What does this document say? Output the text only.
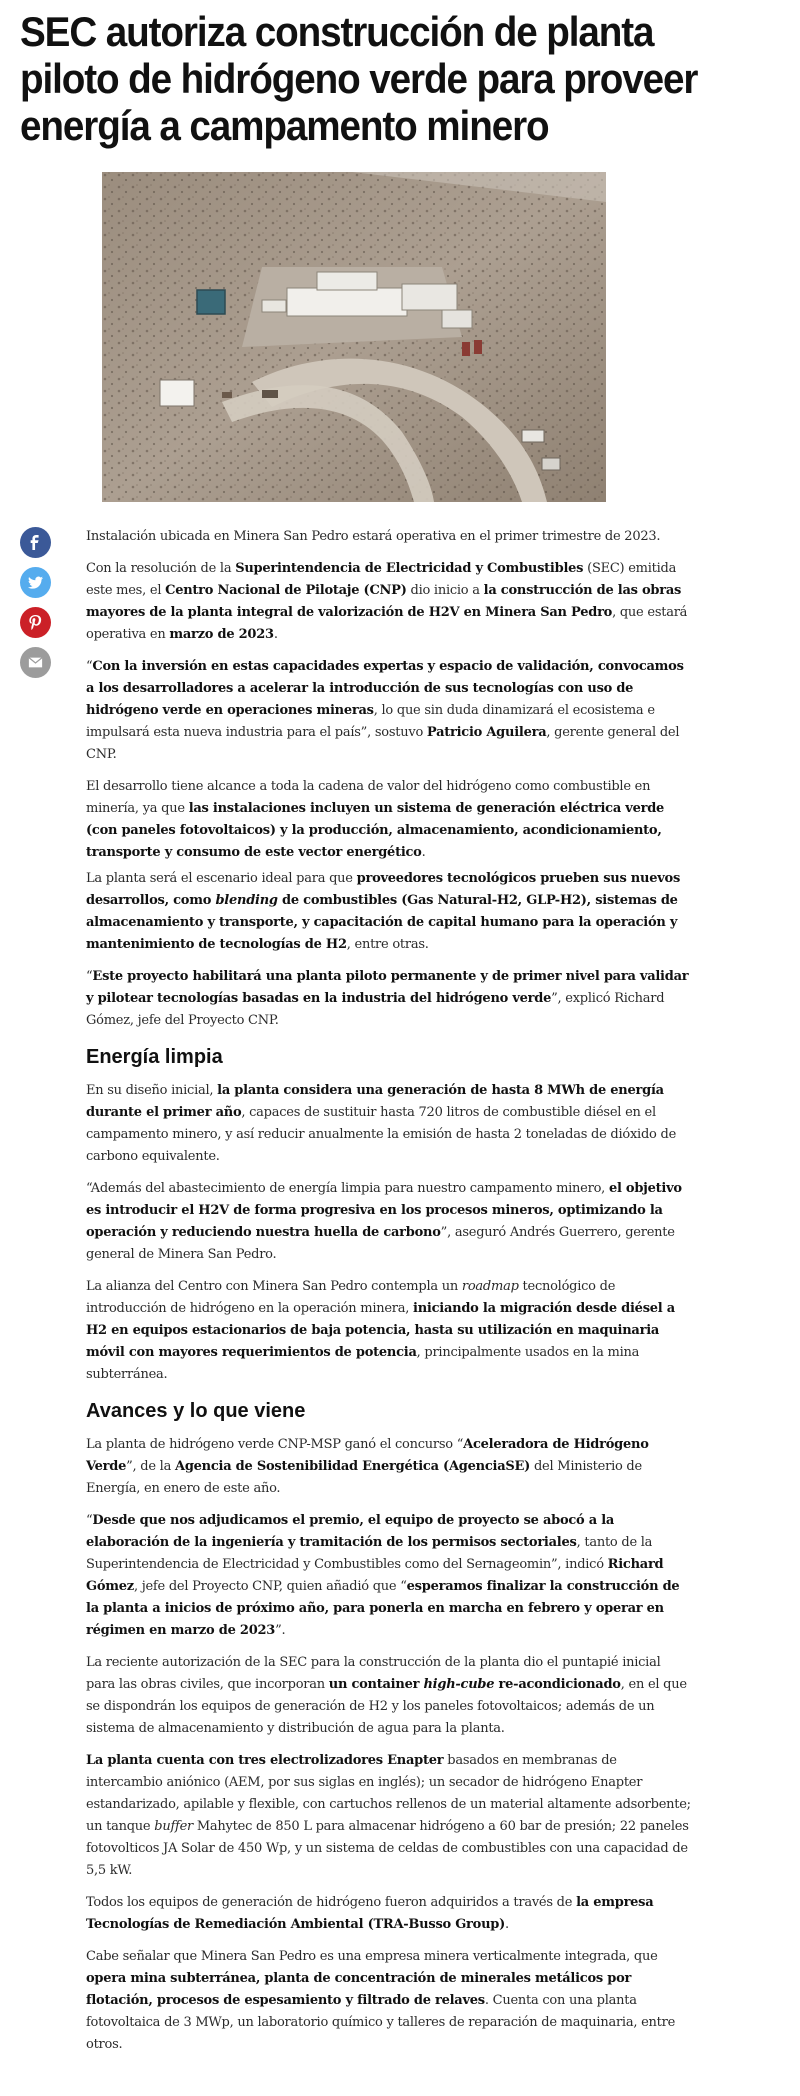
SEC autoriza construcción de planta piloto de hidrógeno verde para proveer energía a campamento minero

Instalación ubicada en Minera San Pedro estará operativa en el primer trimestre de 2023.

Con la resolución de la Superintendencia de Electricidad y Combustibles (SEC) emitida este mes, el Centro Nacional de Pilotaje (CNP) dio inicio a la construcción de las obras mayores de la planta integral de valorización de H2V en Minera San Pedro, que estará operativa en marzo de 2023.

“Con la inversión en estas capacidades expertas y espacio de validación, convocamos a los desarrolladores a acelerar la introducción de sus tecnologías con uso de hidrógeno verde en operaciones mineras, lo que sin duda dinamizará el ecosistema e impulsará esta nueva industria para el país”, sostuvo Patricio Aguilera, gerente general del CNP.

El desarrollo tiene alcance a toda la cadena de valor del hidrógeno como combustible en minería, ya que las instalaciones incluyen un sistema de generación eléctrica verde (con paneles fotovoltaicos) y la producción, almacenamiento, acondicionamiento, transporte y consumo de este vector energético.

La planta será el escenario ideal para que proveedores tecnológicos prueben sus nuevos desarrollos, como blending de combustibles (Gas Natural-H2, GLP-H2), sistemas de almacenamiento y transporte, y capacitación de capital humano para la operación y mantenimiento de tecnologías de H2, entre otras.

“Este proyecto habilitará una planta piloto permanente y de primer nivel para validar y pilotear tecnologías basadas en la industria del hidrógeno verde”, explicó Richard Gómez, jefe del Proyecto CNP.

Energía limpia

En su diseño inicial, la planta considera una generación de hasta 8 MWh de energía durante el primer año, capaces de sustituir hasta 720 litros de combustible diésel en el campamento minero, y así reducir anualmente la emisión de hasta 2 toneladas de dióxido de carbono equivalente.

“Además del abastecimiento de energía limpia para nuestro campamento minero, el objetivo es introducir el H2V de forma progresiva en los procesos mineros, optimizando la operación y reduciendo nuestra huella de carbono”, aseguró Andrés Guerrero, gerente general de Minera San Pedro.

La alianza del Centro con Minera San Pedro contempla un roadmap tecnológico de introducción de hidrógeno en la operación minera, iniciando la migración desde diésel a H2 en equipos estacionarios de baja potencia, hasta su utilización en maquinaria móvil con mayores requerimientos de potencia, principalmente usados en la mina subterránea.

Avances y lo que viene

La planta de hidrógeno verde CNP-MSP ganó el concurso “Aceleradora de Hidrógeno Verde”, de la Agencia de Sostenibilidad Energética (AgenciaSE) del Ministerio de Energía, en enero de este año.

“Desde que nos adjudicamos el premio, el equipo de proyecto se abocó a la elaboración de la ingeniería y tramitación de los permisos sectoriales, tanto de la Superintendencia de Electricidad y Combustibles como del Sernageomin”, indicó Richard Gómez, jefe del Proyecto CNP, quien añadió que “esperamos finalizar la construcción de la planta a inicios de próximo año, para ponerla en marcha en febrero y operar en régimen en marzo de 2023”.

La reciente autorización de la SEC para la construcción de la planta dio el puntapié inicial para las obras civiles, que incorporan un container high-cube re-acondicionado, en el que se dispondrán los equipos de generación de H2 y los paneles fotovoltaicos; además de un sistema de almacenamiento y distribución de agua para la planta.

La planta cuenta con tres electrolizadores Enapter basados en membranas de intercambio aniónico (AEM, por sus siglas en inglés); un secador de hidrógeno Enapter estandarizado, apilable y flexible, con cartuchos rellenos de un material altamente adsorbente; un tanque buffer Mahytec de 850 L para almacenar hidrógeno a 60 bar de presión; 22 paneles fotovolticos JA Solar de 450 Wp, y un sistema de celdas de combustibles con una capacidad de 5,5 kW.

Todos los equipos de generación de hidrógeno fueron adquiridos a través de la empresa Tecnologías de Remediación Ambiental (TRA-Busso Group).

Cabe señalar que Minera San Pedro es una empresa minera verticalmente integrada, que opera mina subterránea, planta de concentración de minerales metálicos por flotación, procesos de espesamiento y filtrado de relaves. Cuenta con una planta fotovoltaica de 3 MWp, un laboratorio químico y talleres de reparación de maquinaria, entre otros.
